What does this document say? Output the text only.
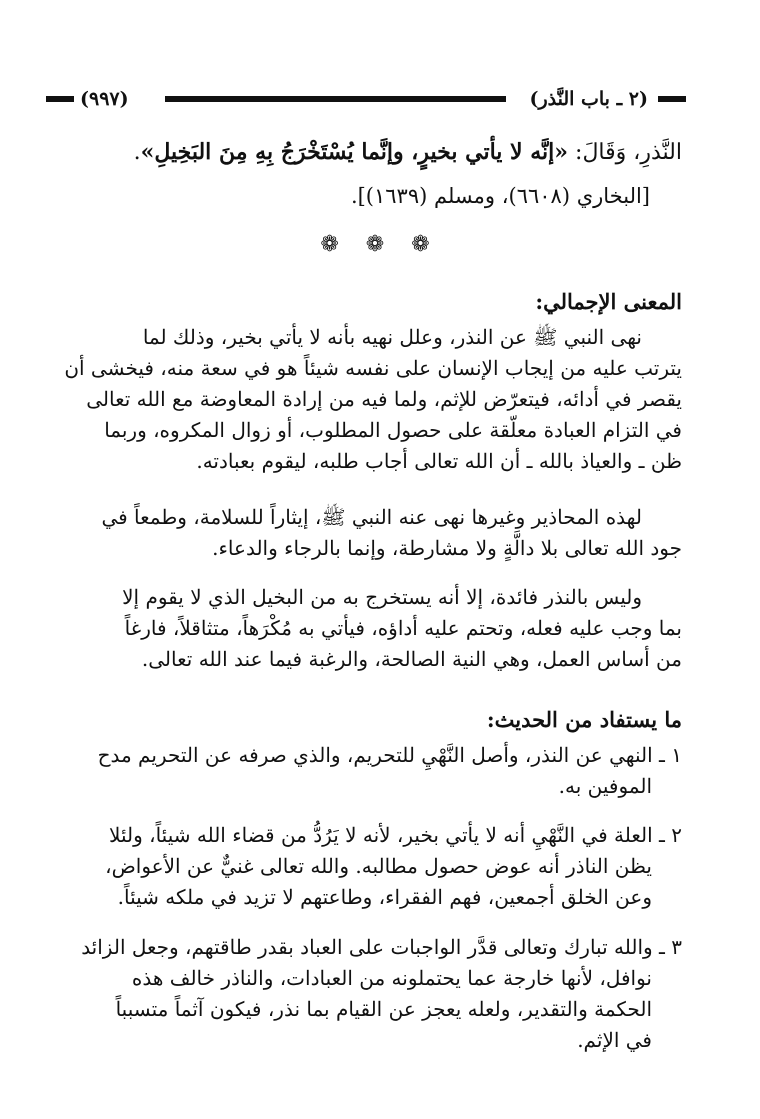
(٢ ـ باب النَّذر)
(٩٩٧)
النَّذرِ، وَقَالَ: «إنَّه لا يأتي بخيرٍ، وإنَّما يُسْتَخْرَجُ بِهِ مِنَ البَخِيلِ».
[البخاري (٦٦٠٨)، ومسلم (١٦٣٩)].
❁ ❁ ❁
المعنى الإجمالي:
نهى النبي ﷺ عن النذر، وعلل نهيه بأنه لا يأتي بخير، وذلك لما
يترتب عليه من إيجاب الإنسان على نفسه شيئاً هو في سعة منه، فيخشى أن
يقصر في أدائه، فيتعرّض للإثم، ولما فيه من إرادة المعاوضة مع الله تعالى
في التزام العبادة معلّقة على حصول المطلوب، أو زوال المكروه، وربما
ظن ـ والعياذ بالله ـ أن الله تعالى أجاب طلبه، ليقوم بعبادته.
لهذه المحاذير وغيرها نهى عنه النبي ﷺ، إيثاراً للسلامة، وطمعاً في
جود الله تعالى بلا دالَّةٍ ولا مشارطة، وإنما بالرجاء والدعاء.
وليس بالنذر فائدة، إلا أنه يستخرج به من البخيل الذي لا يقوم إلا
بما وجب عليه فعله، وتحتم عليه أداؤه، فيأتي به مُكْرَهاً، متثاقلاً، فارغاً
من أساس العمل، وهي النية الصالحة، والرغبة فيما عند الله تعالى.
ما يستفاد من الحديث:
١ ـ النهي عن النذر، وأصل النَّهْيِ للتحريم، والذي صرفه عن التحريم مدح
الموفين به.
٢ ـ العلة في النَّهْيِ أنه لا يأتي بخير، لأنه لا يَرُدُّ من قضاء الله شيئاً، ولئلا
يظن الناذر أنه عوض حصول مطالبه. والله تعالى غنيٌّ عن الأعواض،
وعن الخلق أجمعين، فهم الفقراء، وطاعتهم لا تزيد في ملكه شيئاً.
٣ ـ والله تبارك وتعالى قدَّر الواجبات على العباد بقدر طاقتهم، وجعل الزائد
نوافل، لأنها خارجة عما يحتملونه من العبادات، والناذر خالف هذه
الحكمة والتقدير، ولعله يعجز عن القيام بما نذر، فيكون آثماً متسبباً
في الإثم.
